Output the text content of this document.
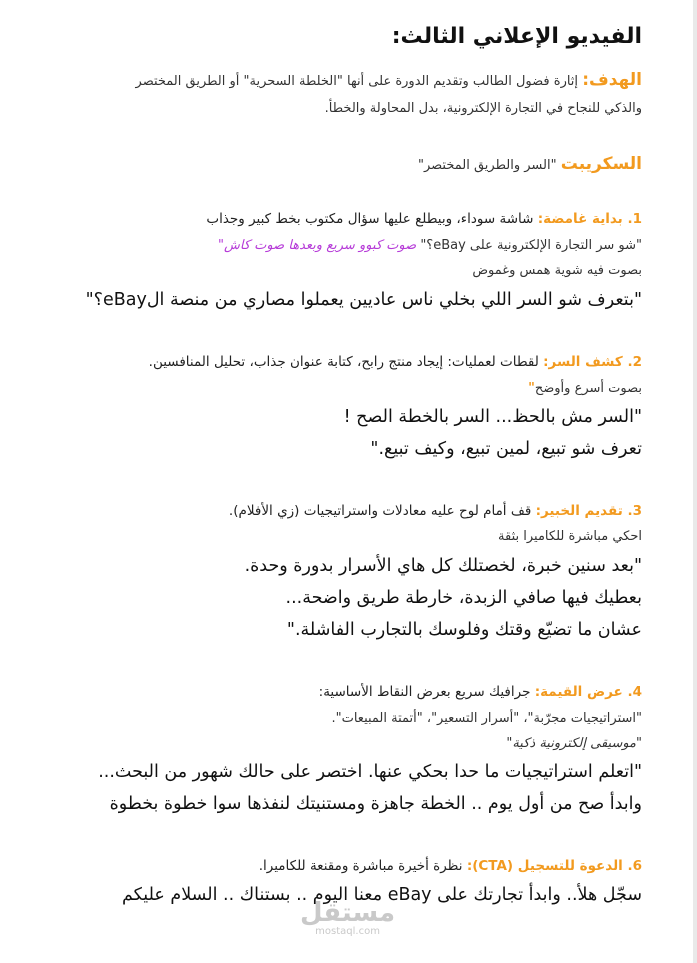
الفيديو الإعلاني الثالث:
الهدف: إثارة فضول الطالب وتقديم الدورة على أنها "الخلطة السحرية" أو الطريق المختصر
والذكي للنجاح في التجارة الإلكترونية، بدل المحاولة والخطأ.
السكريبت "السر والطريق المختصر"
1. بداية غامضة: شاشة سوداء، وبيطلع عليها سؤال مكتوب بخط كبير وجذاب
"شو سر التجارة الإلكترونية على eBay؟" صوت كبوو سريع وبعدها صوت كاش"
بصوت فيه شوية همس وغموض
"بتعرف شو السر اللي بخلي ناس عاديين يعملوا مصاري من منصة الeBay؟"
2. كشف السر: لقطات لعمليات: إيجاد منتج رابح، كتابة عنوان جذاب، تحليل المنافسين.
بصوت أسرع وأوضح"
"السر مش بالحظ... السر بالخطة الصح !
تعرف شو تبيع، لمين تبيع، وكيف تبيع."
3. تقديم الخبير: قف أمام لوح عليه معادلات واستراتيجيات (زي الأفلام).
احكي مباشرة للكاميرا بثقة
"بعد سنين خبرة، لخصتلك كل هاي الأسرار بدورة وحدة.
بعطيك فيها صافي الزبدة، خارطة طريق واضحة...
عشان ما تضيّع وقتك وفلوسك بالتجارب الفاشلة."
4. عرض القيمة: جرافيك سريع بعرض النقاط الأساسية:
"استراتيجيات مجرّبة"، "أسرار التسعير"، "أتمتة المبيعات".
"موسيقى إلكترونية ذكية"
"اتعلم استراتيجيات ما حدا بحكي عنها. اختصر على حالك شهور من البحث...
وابدأ صح من أول يوم .. الخطة جاهزة ومستنيتك لنفذها سوا خطوة بخطوة
6. الدعوة للتسجيل (CTA): نظرة أخيرة مباشرة ومقنعة للكاميرا.
سجّل هلأ.. وابدأ تجارتك على eBay معنا اليوم .. بستناك .. السلام عليكم
مستقل
mostaql.com
